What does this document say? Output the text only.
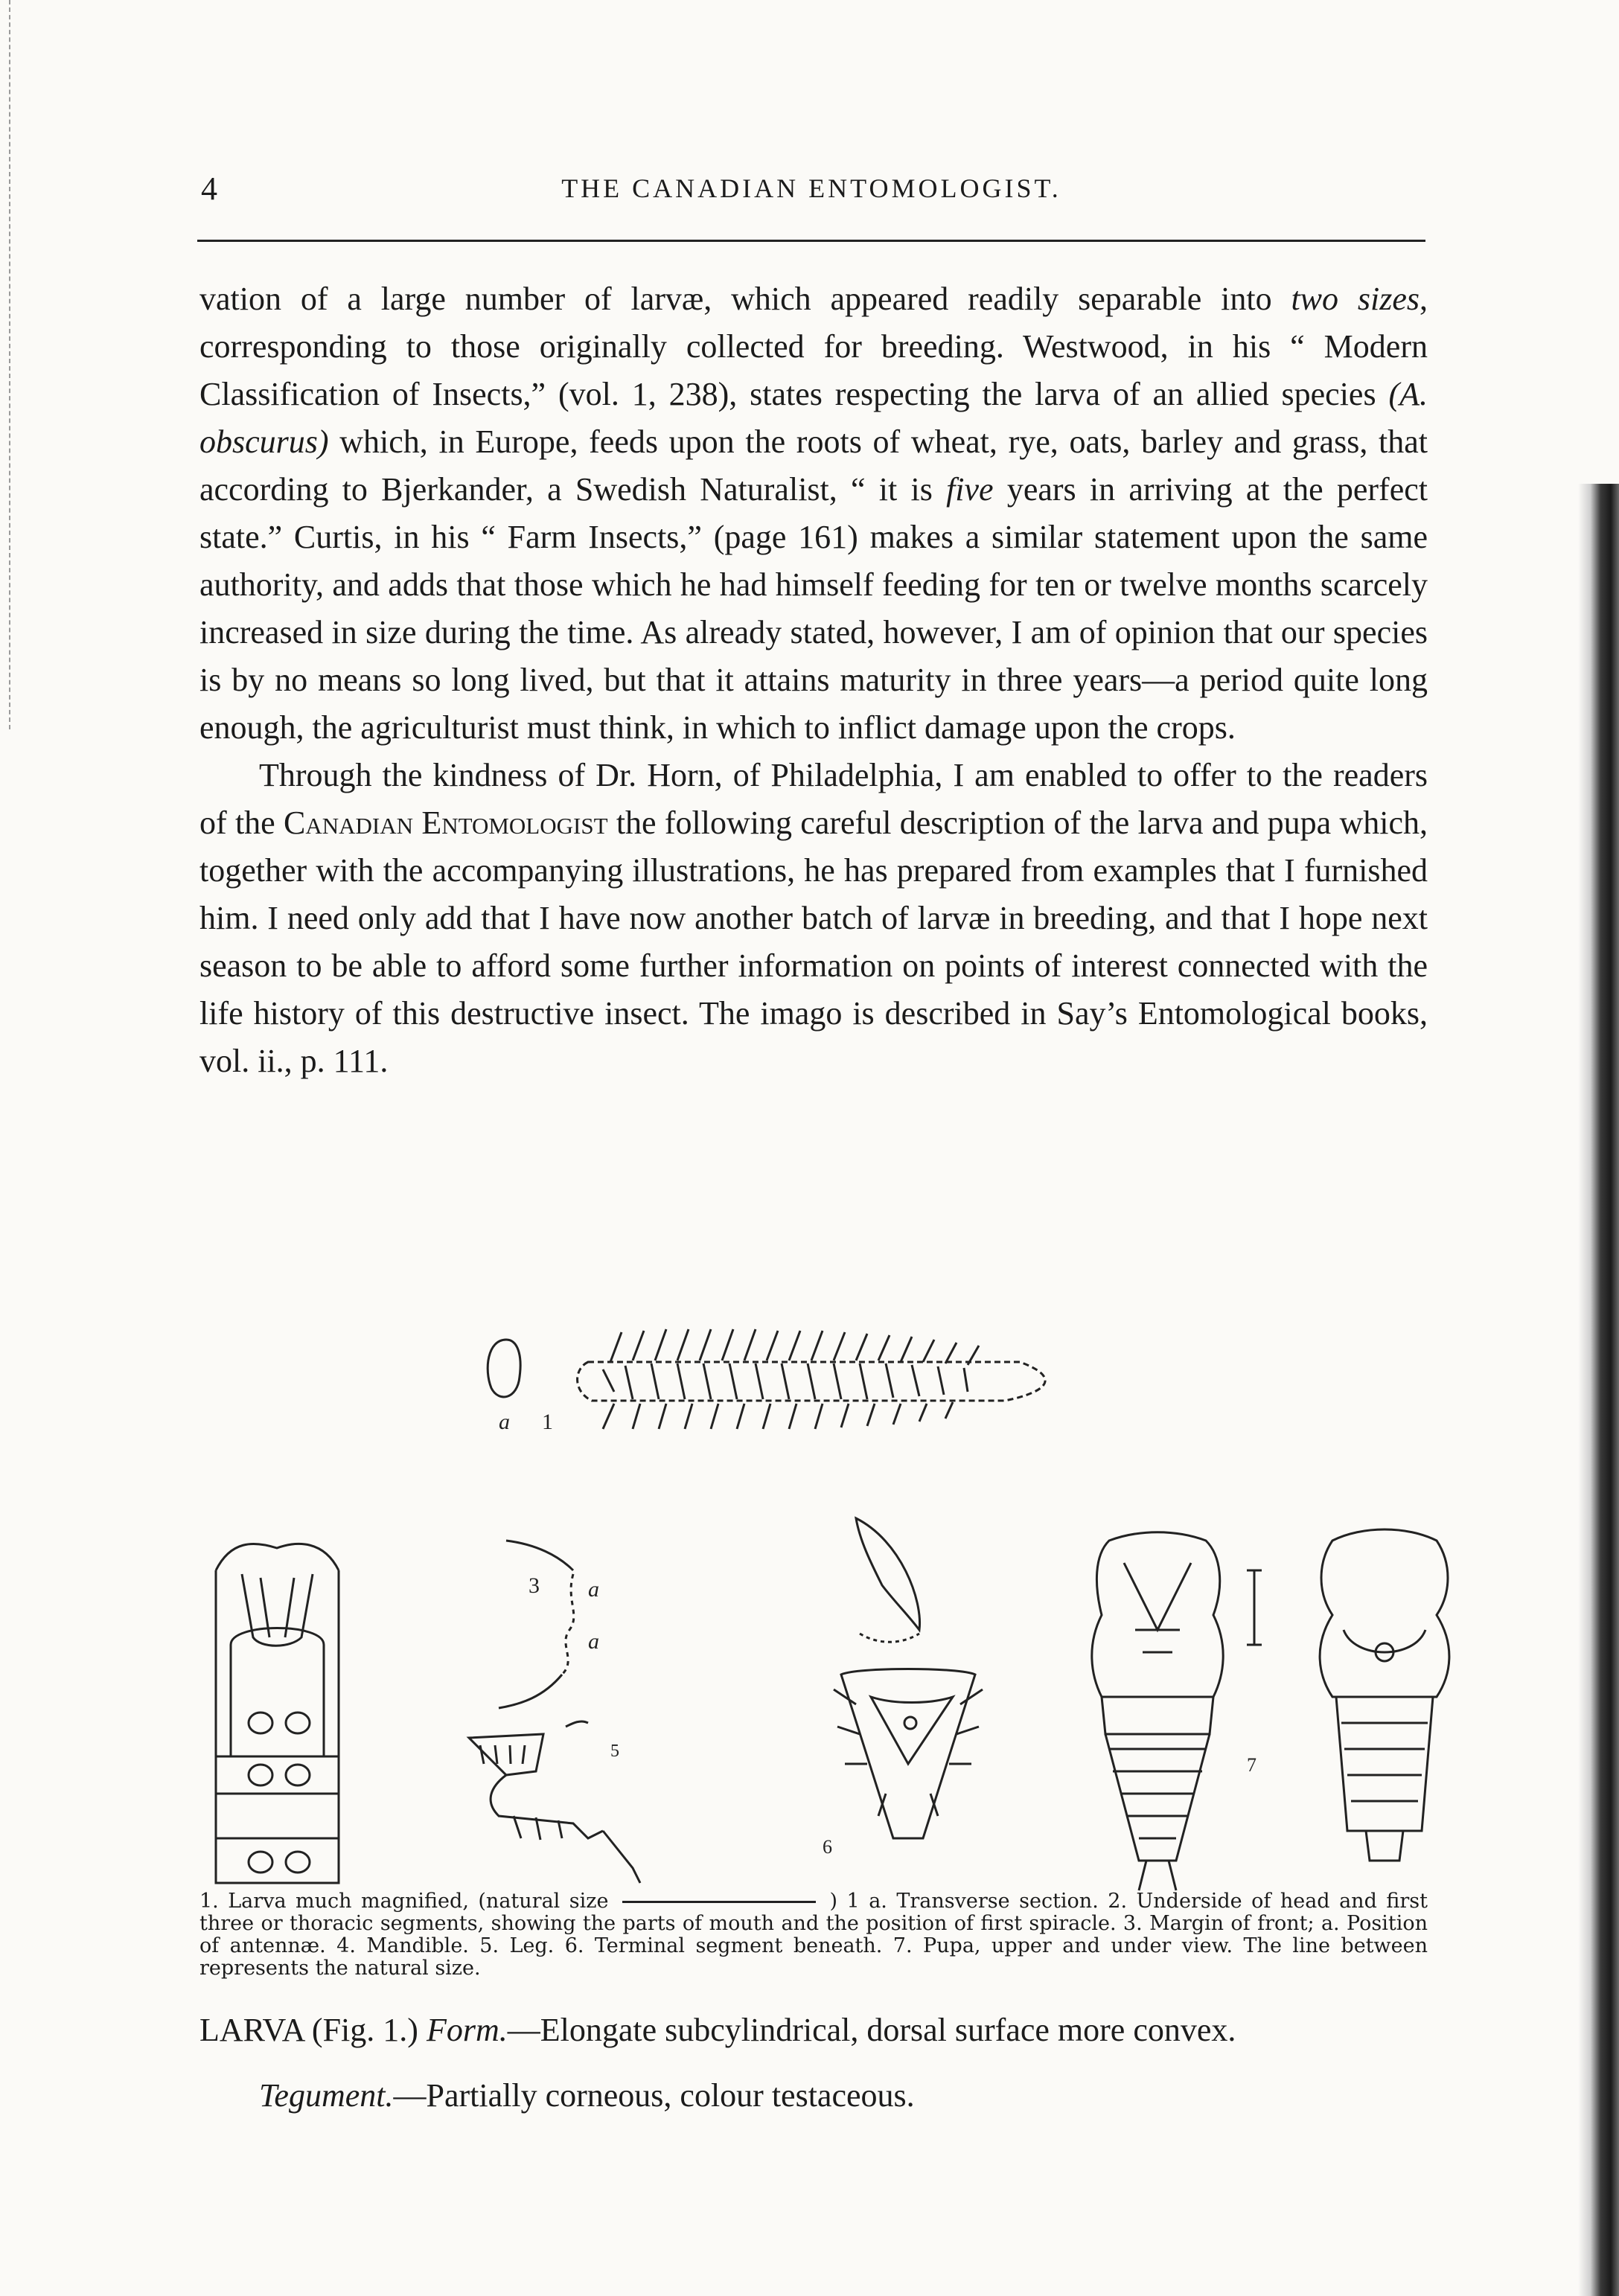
4	THE CANADIAN ENTOMOLOGIST.

vation of a large number of larvæ, which appeared readily separable into two sizes, corresponding to those originally collected for breeding. Westwood, in his “ Modern Classification of Insects,” (vol. 1, 238), states respecting the larva of an allied species (A. obscurus) which, in Europe, feeds upon the roots of wheat, rye, oats, barley and grass, that according to Bjerkander, a Swedish Naturalist, “ it is five years in arriving at the perfect state.” Curtis, in his “ Farm Insects,” (page 161) makes a similar statement upon the same authority, and adds that those which he had himself feeding for ten or twelve months scarcely increased in size during the time. As already stated, however, I am of opinion that our species is by no means so long lived, but that it attains maturity in three years—a period quite long enough, the agriculturist must think, in which to inflict damage upon the crops.

Through the kindness of Dr. Horn, of Philadelphia, I am enabled to offer to the readers of the Canadian Entomologist the following careful description of the larva and pupa which, together with the accompanying illustrations, he has prepared from examples that I furnished him. I need only add that I have now another batch of larvæ in breeding, and that I hope next season to be able to afford some further information on points of interest connected with the life history of this destructive insect. The imago is described in Say’s Entomological books, vol. ii., p. 111.

a 1
3 a
a
5
6
7

1. Larva much magnified, (natural size	) 1 a. Transverse section. 2. Underside of head and first three or thoracic segments, showing the parts of mouth and the position of first spiracle. 3. Margin of front; a. Position of antennæ. 4. Mandible. 5. Leg. 6. Terminal segment beneath. 7. Pupa, upper and under view. The line between represents the natural size.

LARVA (Fig. 1.) Form.—Elongate subcylindrical, dorsal surface more convex.

Tegument.—Partially corneous, colour testaceous.
